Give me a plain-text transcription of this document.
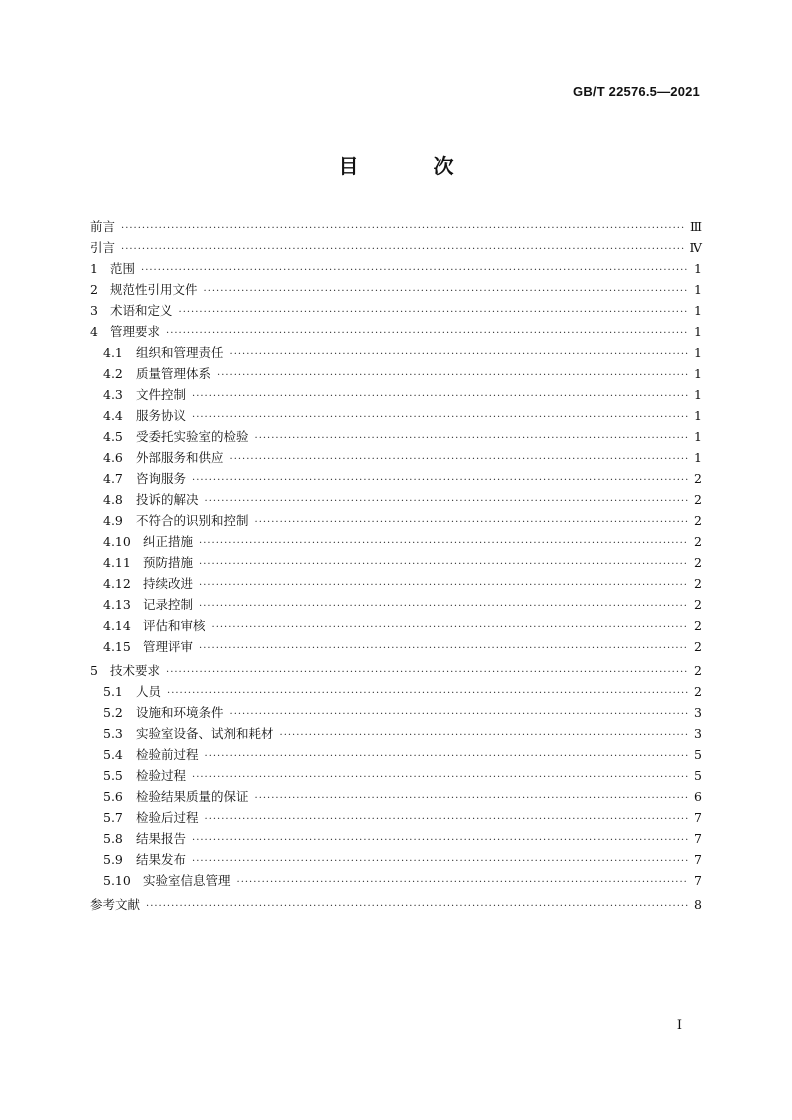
GB/T 22576.5—2021
目 次
前言 ·····	Ⅲ
引言 ·····	Ⅳ
1 范围 ·····	1
2 规范性引用文件 ·····	1
3 术语和定义 ·····	1
4 管理要求 ·····	1
4.1	组织和管理责任 ·····	1
4.2	质量管理体系 ·····	1
4.3	文件控制 ·····	1
4.4	服务协议 ·····	1
4.5	受委托实验室的检验 ·····	1
4.6	外部服务和供应 ·····	1
4.7	咨询服务 ·····	2
4.8	投诉的解决 ·····	2
4.9	不符合的识别和控制 ·····	2
4.10 纠正措施 ·····	2
4.11 预防措施 ·····	2
4.12 持续改进 ·····	2
4.13 记录控制 ·····	2
4.14 评估和审核 ·····	2
4.15 管理评审 ·····	2
5 技术要求 ·····	2
5.1	人员 ·····	2
5.2	设施和环境条件 ·····	3
5.3	实验室设备、试剂和耗材 ·····	3
5.4	检验前过程 ·····	5
5.5	检验过程 ·····	5
5.6	检验结果质量的保证 ·····	6
5.7	检验后过程 ·····	7
5.8	结果报告 ·····	7
5.9	结果发布 ·····	7
5.10 实验室信息管理 ·····	7
参考文献 ·····	8
Ⅰ
